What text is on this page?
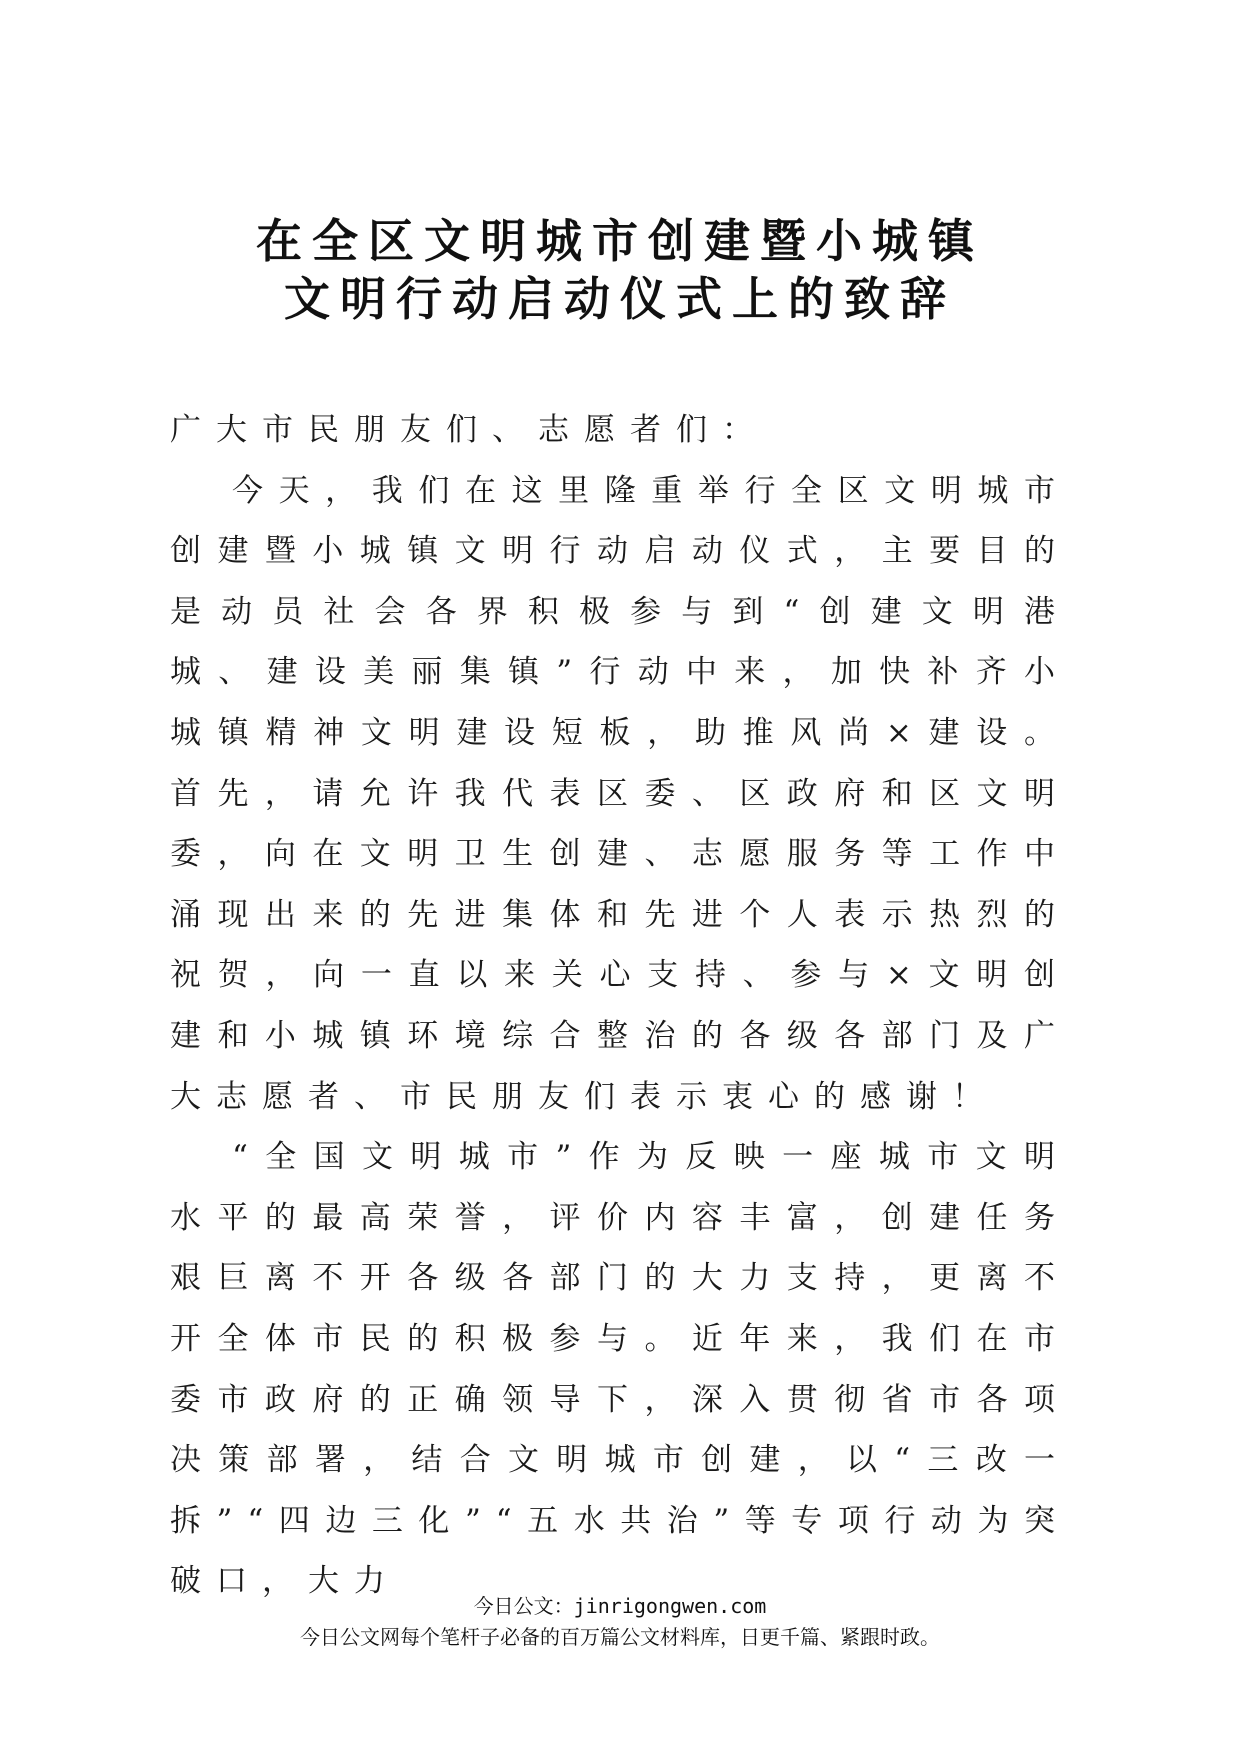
在全区文明城市创建暨小城镇
文明行动启动仪式上的致辞

广大市民朋友们、志愿者们：

今天，我们在这里隆重举行全区文明城市创建暨小城镇文明行动启动仪式，主要目的是动员社会各界积极参与到“创建文明港城、建设美丽集镇”行动中来，加快补齐小城镇精神文明建设短板，助推风尚×建设。首先，请允许我代表区委、区政府和区文明委，向在文明卫生创建、志愿服务等工作中涌现出来的先进集体和先进个人表示热烈的祝贺，向一直以来关心支持、参与×文明创建和小城镇环境综合整治的各级各部门及广大志愿者、市民朋友们表示衷心的感谢！

“全国文明城市”作为反映一座城市文明水平的最高荣誉，评价内容丰富，创建任务艰巨离不开各级各部门的大力支持，更离不开全体市民的积极参与。近年来，我们在市委市政府的正确领导下，深入贯彻省市各项决策部署，结合文明城市创建，以“三改一拆”“四边三化”“五水共治”等专项行动为突破口，大力

今日公文：jinrigongwen.com
今日公文网每个笔杆子必备的百万篇公文材料库，日更千篇、紧跟时政。
